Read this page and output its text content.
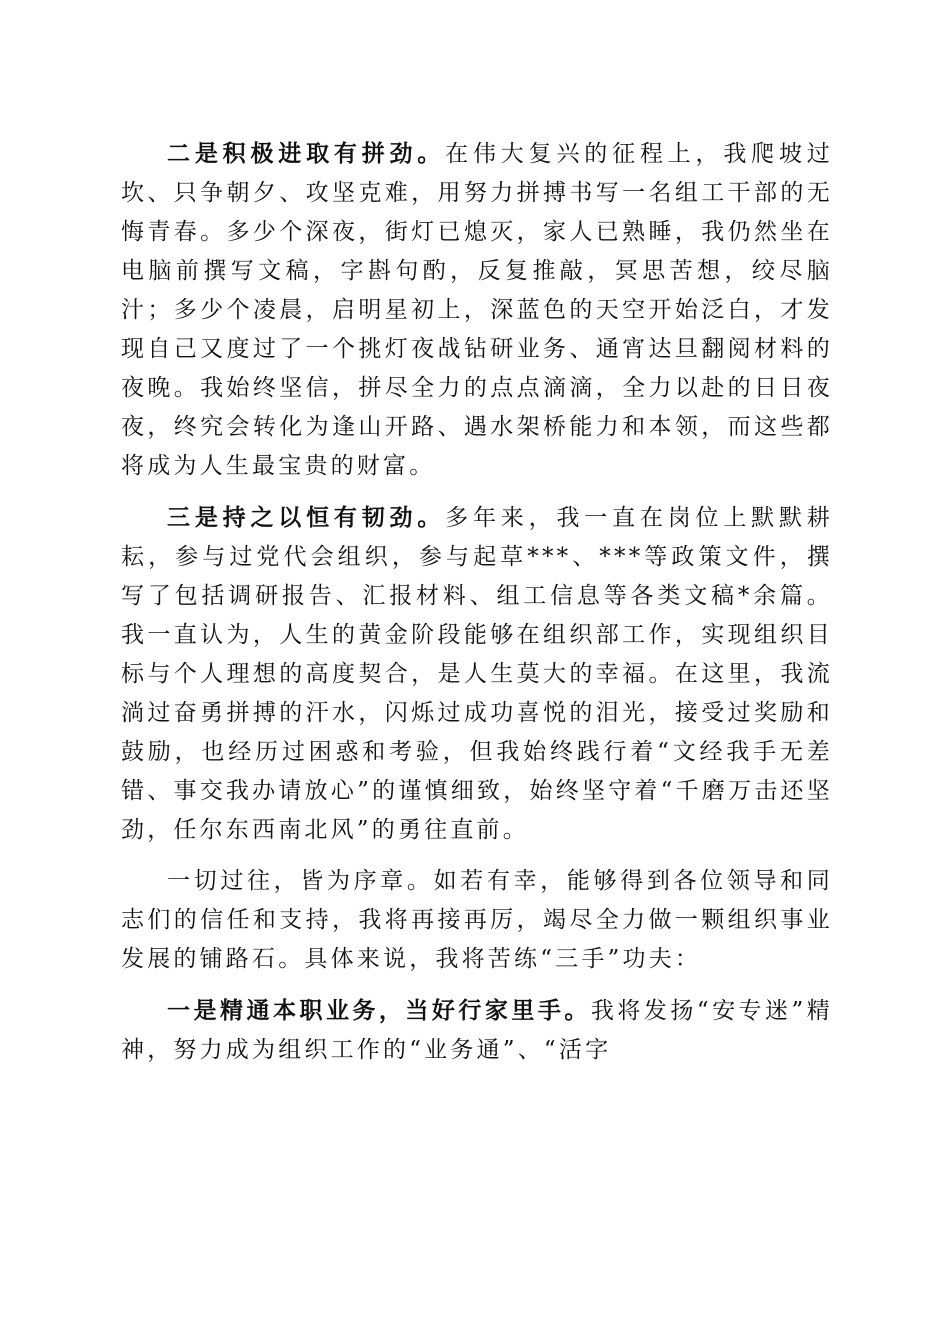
二是积极进取有拼劲。在伟大复兴的征程上，我爬坡过坎、只争朝夕、攻坚克难，用努力拼搏书写一名组工干部的无悔青春。多少个深夜，街灯已熄灭，家人已熟睡，我仍然坐在电脑前撰写文稿，字斟句酌，反复推敲，冥思苦想，绞尽脑汁；多少个凌晨，启明星初上，深蓝色的天空开始泛白，才发现自己又度过了一个挑灯夜战钻研业务、通宵达旦翻阅材料的夜晚。我始终坚信，拼尽全力的点点滴滴，全力以赴的日日夜夜，终究会转化为逢山开路、遇水架桥能力和本领，而这些都将成为人生最宝贵的财富。

三是持之以恒有韧劲。多年来，我一直在岗位上默默耕耘，参与过党代会组织，参与起草***、***等政策文件，撰写了包括调研报告、汇报材料、组工信息等各类文稿*余篇。我一直认为，人生的黄金阶段能够在组织部工作，实现组织目标与个人理想的高度契合，是人生莫大的幸福。在这里，我流淌过奋勇拼搏的汗水，闪烁过成功喜悦的泪光，接受过奖励和鼓励，也经历过困惑和考验，但我始终践行着“文经我手无差错、事交我办请放心”的谨慎细致，始终坚守着“千磨万击还坚劲，任尔东西南北风”的勇往直前。

一切过往，皆为序章。如若有幸，能够得到各位领导和同志们的信任和支持，我将再接再厉，竭尽全力做一颗组织事业发展的铺路石。具体来说，我将苦练“三手”功夫：

一是精通本职业务，当好行家里手。我将发扬“安专迷”精神，努力成为组织工作的“业务通”、“活字
